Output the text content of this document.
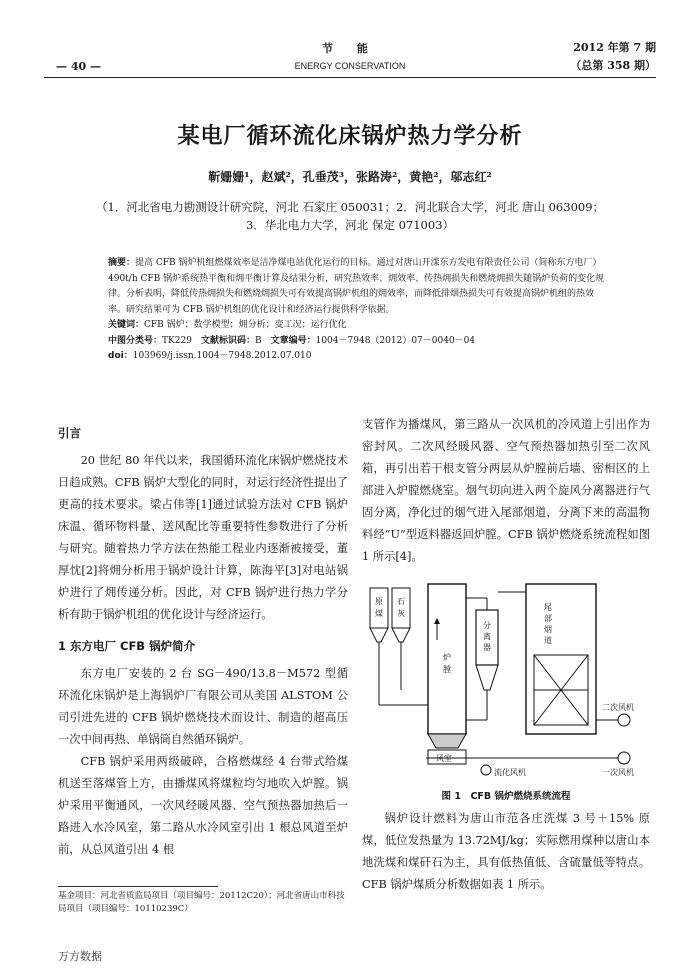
节 能
ENERGY CONSERVATION
2012 年第 7 期
（总第 358 期）
— 40 —
某电厂循环流化床锅炉热力学分析
靳姗姗¹，赵斌²，孔垂茂³，张路涛²，黄艳²，邬志红²
（1．河北省电力勘测设计研究院，河北 石家庄 050031；2．河北联合大学，河北 唐山 063009；
3．华北电力大学，河北 保定 071003）
摘要：提高 CFB 锅炉机组燃煤效率是洁净煤电站优化运行的目标。通过对唐山开滦东方发电有限责任公司（简称东方电厂）490t/h CFB 锅炉系统热平衡和㶲平衡计算及结果分析，研究热效率、㶲效率、传热㶲损失和燃烧㶲损失随锅炉负荷的变化规律。分析表明，降低传热㶲损失和燃烧㶲损失可有效提高锅炉机组的㶲效率，而降低排烟热损失可有效提高锅炉机组的热效率。研究结果可为 CFB 锅炉机组的优化设计和经济运行提供科学依据。
关键词：CFB 锅炉；数学模型；㶲分析；变工况；运行优化
中图分类号：TK229　 文献标识码：B　 文章编号：1004－7948（2012）07－0040－04
doi：103969/j.issn.1004－7948.2012.07.010
引言

20 世纪 80 年代以来，我国循环流化床锅炉燃烧技术日趋成熟。CFB 锅炉大型化的同时，对运行经济性提出了更高的技术要求。梁占伟等[1]通过试验方法对 CFB 锅炉床温、循环物料量、送风配比等重要特性参数进行了分析与研究。随着热力学方法在热能工程业内逐渐被接受，董厚忱[2]将㶲分析用于锅炉设计计算，陈海平[3]对电站锅炉进行了㶲传递分析。因此，对 CFB 锅炉进行热力学分析有助于锅炉机组的优化设计与经济运行。

1 东方电厂 CFB 锅炉简介

东方电厂安装的 2 台 SG－490/13.8－M572 型循环流化床锅炉是上海锅炉厂有限公司从美国 ALSTOM 公司引进先进的 CFB 锅炉燃烧技术而设计、制造的超高压一次中间再热、单锅筒自然循环锅炉。

CFB 锅炉采用两级破碎，合格燃煤经 4 台带式给煤机送至落煤管上方，由播煤风将煤粒均匀地吹入炉膛。锅炉采用平衡通风，一次风经暖风器、空气预热器加热后一路进入水冷风室，第二路从水冷风室引出 1 根总风道至炉前，从总风道引出 4 根

支管作为播煤风，第三路从一次风机的冷风道上引出作为密封风。二次风经暖风器、空气预热器加热引至二次风箱，再引出若干根支管分两层从炉膛前后墙、密相区的上部进入炉膛燃烧室。烟气切向进入两个旋风分离器进行气固分离，净化过的烟气进入尾部烟道，分离下来的高温物料经“U”型返料器返回炉膛。CFB 锅炉燃烧系统流程如图 1 所示[4]。

原
煤
石
灰
炉
膛
分
离
器
尾
部
烟
道
二次风机
一次风机
风室
流化风机
图 1　CFB 锅炉燃烧系统流程

锅炉设计燃料为唐山市范各庄洗煤 3 号＋15% 原煤，低位发热量为 13.72MJ/kg；实际燃用煤种以唐山本地洗煤和煤矸石为主，具有低热值低、含硫量低等特点。CFB 锅炉煤质分析数据如表 1 所示。

基金项目：河北省质监局项目（项目编号：20112C20）；河北省唐山市科技局项目（项目编号：10110239C）
万方数据
